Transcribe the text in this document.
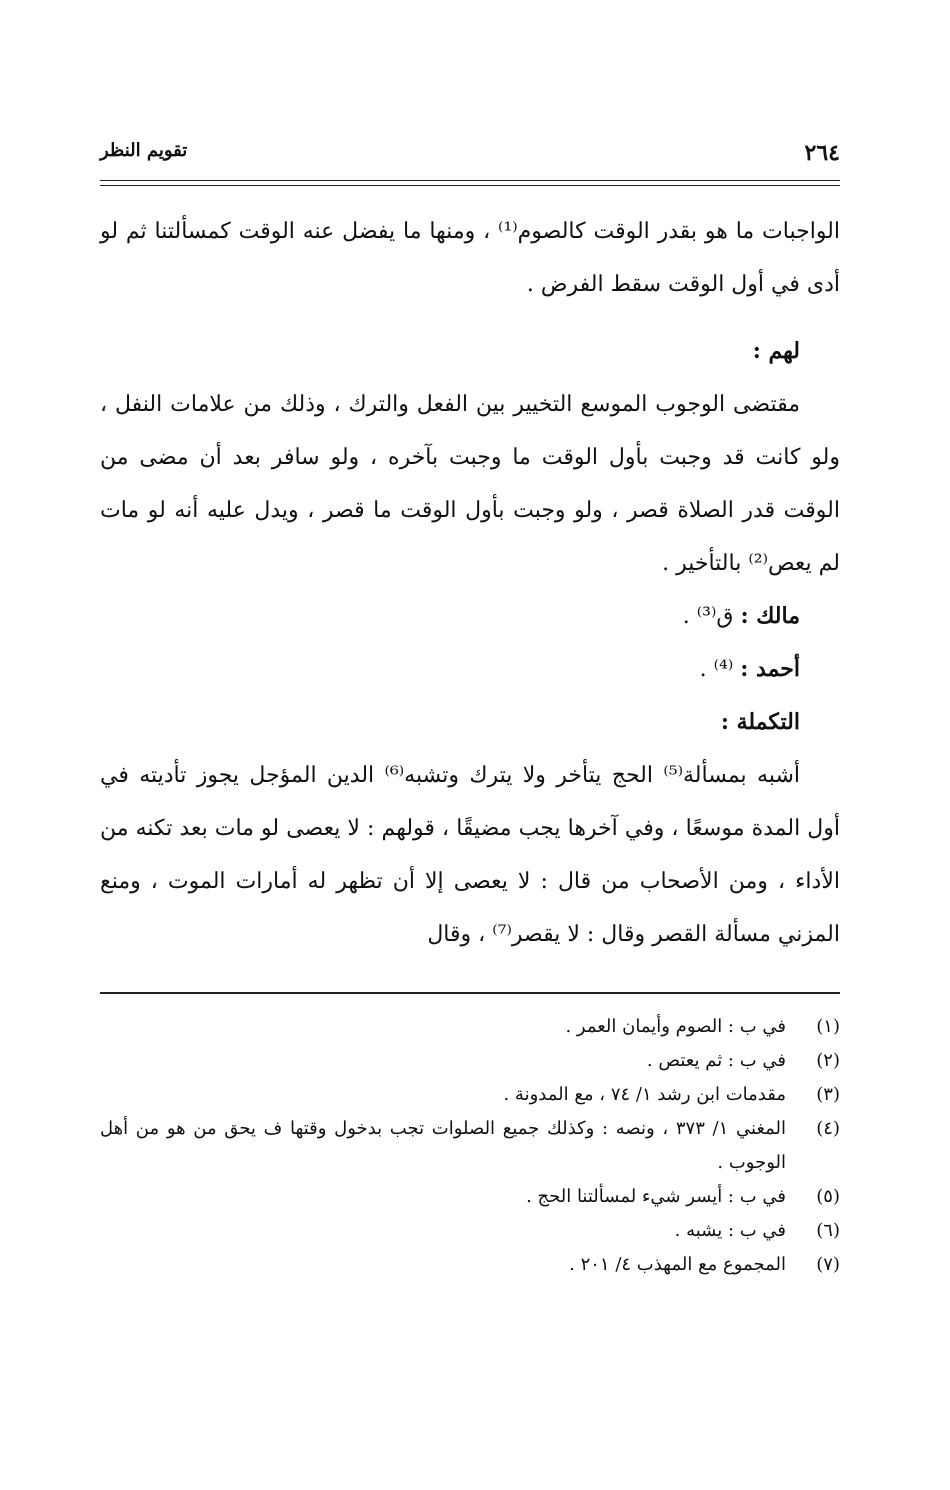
٢٦٤
تقويم النظر

الواجبات ما هو بقدر الوقت كالصوم⁽¹⁾ ، ومنها ما يفضل عنه الوقت كمسألتنا ثم لو أدى في أول الوقت سقط الفرض .

لهم :

مقتضى الوجوب الموسع التخيير بين الفعل والترك ، وذلك من علامات النفل ، ولو كانت قد وجبت بأول الوقت ما وجبت بآخره ، ولو سافر بعد أن مضى من الوقت قدر الصلاة قصر ، ولو وجبت بأول الوقت ما قصر ، ويدل عليه أنه لو مات لم يعص⁽²⁾ بالتأخير .

مالك : ق⁽³⁾ .

أحمد : ⁽⁴⁾ .

التكملة :

أشبه بمسألة⁽⁵⁾ الحج يتأخر ولا يترك وتشبه⁽⁶⁾ الدين المؤجل يجوز تأديته في أول المدة موسعًا ، وفي آخرها يجب مضيقًا ، قولهم : لا يعصى لو مات بعد تكنه من الأداء ، ومن الأصحاب من قال : لا يعصى إلا أن تظهر له أمارات الموت ، ومنع المزني مسألة القصر وقال : لا يقصر⁽⁷⁾ ، وقال

(١)
في ب : الصوم وأيمان العمر .
(٢)
في ب : ثم يعتص .
(٣)
مقدمات ابن رشد ١/ ٧٤ ، مع المدونة .
(٤)
المغني ١/ ٣٧٣ ، ونصه : وكذلك جميع الصلوات تجب بدخول وقتها ف يحق من هو من أهل الوجوب .
(٥)
في ب : أيسر شيء لمسألتنا الحج .
(٦)
في ب : يشبه .
(٧)
المجموع مع المهذب ٤/ ٢٠١ .
